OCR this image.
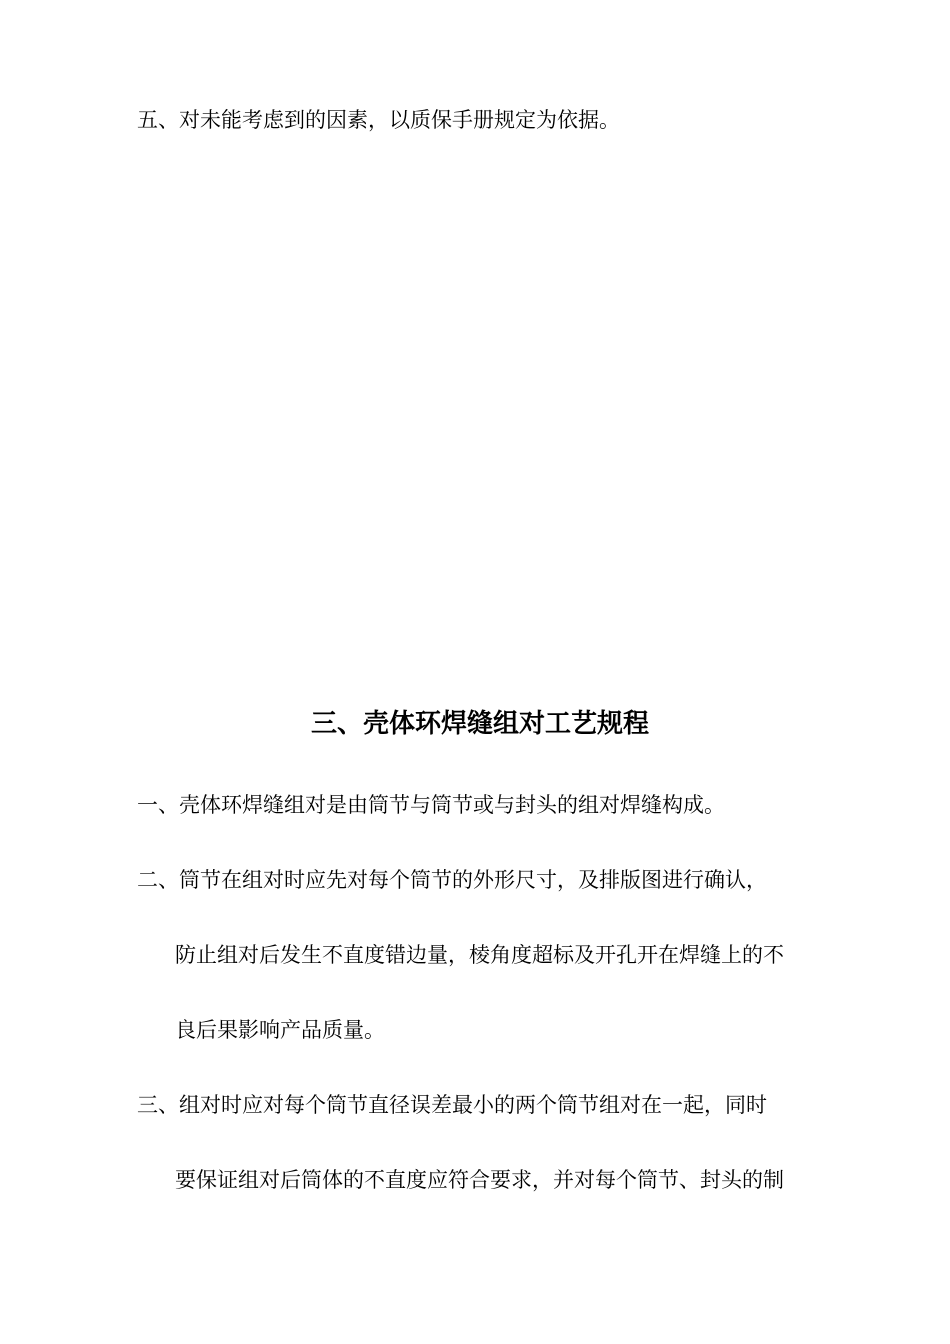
五、对未能考虑到的因素，以质保手册规定为依据。

三、壳体环焊缝组对工艺规程

一、壳体环焊缝组对是由筒节与筒节或与封头的组对焊缝构成。

二、筒节在组对时应先对每个筒节的外形尺寸，及排版图进行确认，

防止组对后发生不直度错边量，棱角度超标及开孔开在焊缝上的不

良后果影响产品质量。

三、组对时应对每个筒节直径误差最小的两个筒节组对在一起，同时

要保证组对后筒体的不直度应符合要求，并对每个筒节、封头的制
